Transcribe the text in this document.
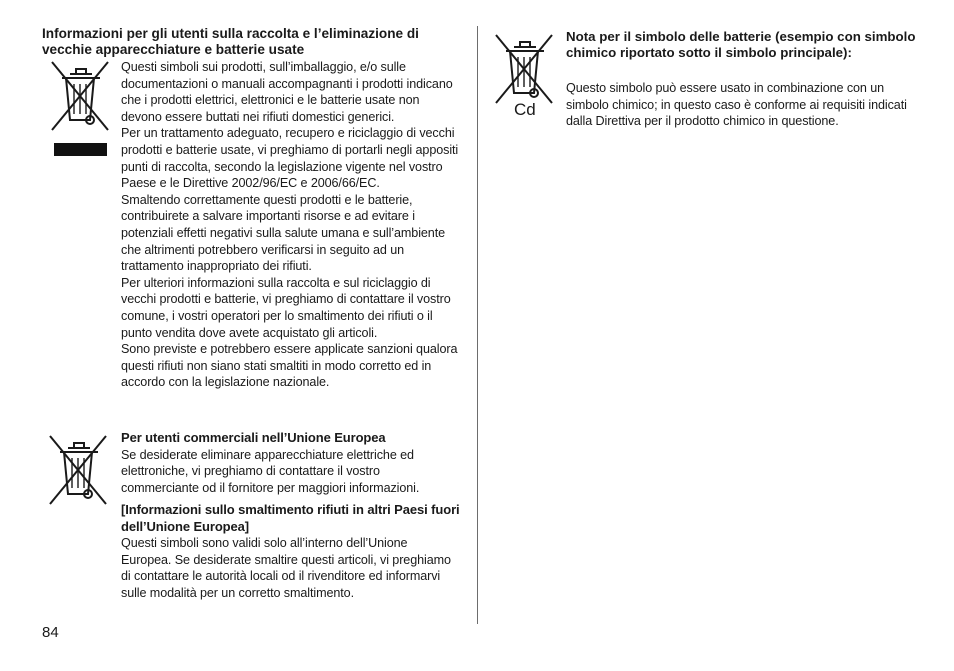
Informazioni per gli utenti sulla raccolta e l’eliminazione di vecchie apparecchiature e batterie usate

Questi simboli sui prodotti, sull’imballaggio, e/o sulle documentazioni o manuali accompagnanti i prodotti indicano che i prodotti elettrici, elettronici e le batterie usate non devono essere buttati nei rifiuti domestici generici.

Per un trattamento adeguato, recupero e riciclaggio di vecchi prodotti e batterie usate, vi preghiamo di portarli negli appositi punti di raccolta, secondo la legislazione vigente nel vostro Paese e le Direttive 2002/96/EC e 2006/66/EC.

Smaltendo correttamente questi prodotti e le batterie, contribuirete a salvare importanti risorse e ad evitare i potenziali effetti negativi sulla salute umana e sull’ambiente che altrimenti potrebbero verificarsi in seguito ad un trattamento inappropriato dei rifiuti.

Per ulteriori informazioni sulla raccolta e sul riciclaggio di vecchi prodotti e batterie, vi preghiamo di contattare il vostro comune, i vostri operatori per lo smaltimento dei rifiuti o il punto vendita dove avete acquistato gli articoli.

Sono previste e potrebbero essere applicate sanzioni qualora questi rifiuti non siano stati smaltiti in modo corretto ed in accordo con la legislazione nazionale.

Per utenti commerciali nell’Unione Europea

Se desiderate eliminare apparecchiature elettriche ed elettroniche, vi preghiamo di contattare il vostro commerciante od il fornitore per maggiori informazioni.

[Informazioni sullo smaltimento rifiuti in altri Paesi fuori dell’Unione Europea]

Questi simboli sono validi solo all’interno dell’Unione Europea. Se desiderate smaltire questi articoli, vi preghiamo di contattare le autorità locali od il rivenditore ed informarvi sulle modalità per un corretto smaltimento.

Cd
Nota per il simbolo delle batterie (esempio con simbolo chimico riportato sotto il simbolo principale):
Questo simbolo può essere usato in combinazione con un simbolo chimico; in questo caso è conforme ai requisiti indicati dalla Direttiva per il prodotto chimico in questione.
84
